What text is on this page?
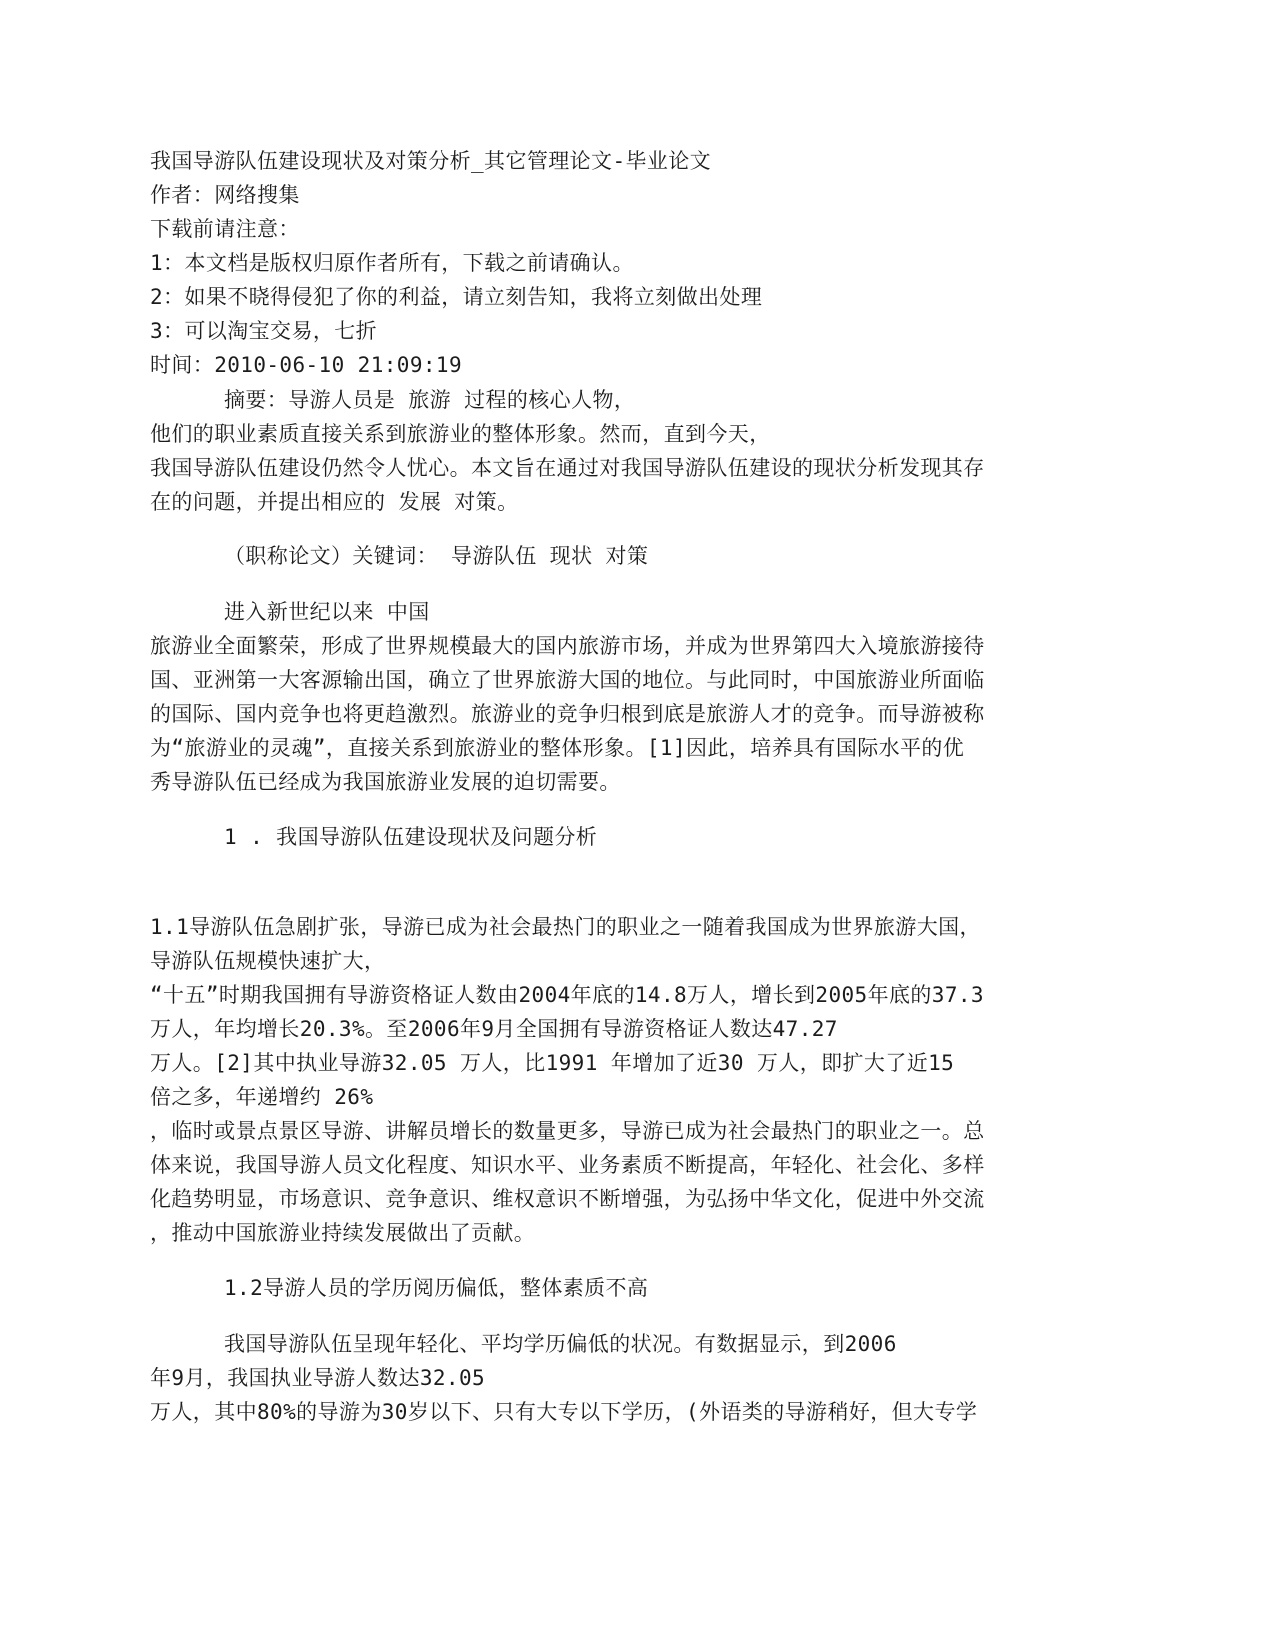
我国导游队伍建设现状及对策分析_其它管理论文-毕业论文
作者：网络搜集
下载前请注意：
1：本文档是版权归原作者所有，下载之前请确认。
2：如果不晓得侵犯了你的利益，请立刻告知，我将立刻做出处理
3：可以淘宝交易，七折
时间：2010-06-10 21:09:19
摘要：导游人员是 旅游 过程的核心人物，
他们的职业素质直接关系到旅游业的整体形象。然而，直到今天，
我国导游队伍建设仍然令人忧心。本文旨在通过对我国导游队伍建设的现状分析发现其存
在的问题，并提出相应的 发展 对策。
（职称论文）关键词： 导游队伍 现状 对策
进入新世纪以来 中国
旅游业全面繁荣，形成了世界规模最大的国内旅游市场，并成为世界第四大入境旅游接待
国、亚洲第一大客源输出国，确立了世界旅游大国的地位。与此同时，中国旅游业所面临
的国际、国内竞争也将更趋激烈。旅游业的竞争归根到底是旅游人才的竞争。而导游被称
为“旅游业的灵魂”，直接关系到旅游业的整体形象。[1]因此，培养具有国际水平的优
秀导游队伍已经成为我国旅游业发展的迫切需要。
1 . 我国导游队伍建设现状及问题分析
1.1导游队伍急剧扩张，导游已成为社会最热门的职业之一随着我国成为世界旅游大国，
导游队伍规模快速扩大，
“十五”时期我国拥有导游资格证人数由2004年底的14.8万人，增长到2005年底的37.3
万人，年均增长20.3%。至2006年9月全国拥有导游资格证人数达47.27
万人。[2]其中执业导游32.05 万人，比1991 年增加了近30 万人，即扩大了近15
倍之多，年递增约 26%
，临时或景点景区导游、讲解员增长的数量更多，导游已成为社会最热门的职业之一。总
体来说，我国导游人员文化程度、知识水平、业务素质不断提高，年轻化、社会化、多样
化趋势明显，市场意识、竞争意识、维权意识不断增强，为弘扬中华文化，促进中外交流
，推动中国旅游业持续发展做出了贡献。
1.2导游人员的学历阅历偏低，整体素质不高
我国导游队伍呈现年轻化、平均学历偏低的状况。有数据显示，到2006
年9月，我国执业导游人数达32.05
万人，其中80%的导游为30岁以下、只有大专以下学历，(外语类的导游稍好，但大专学
